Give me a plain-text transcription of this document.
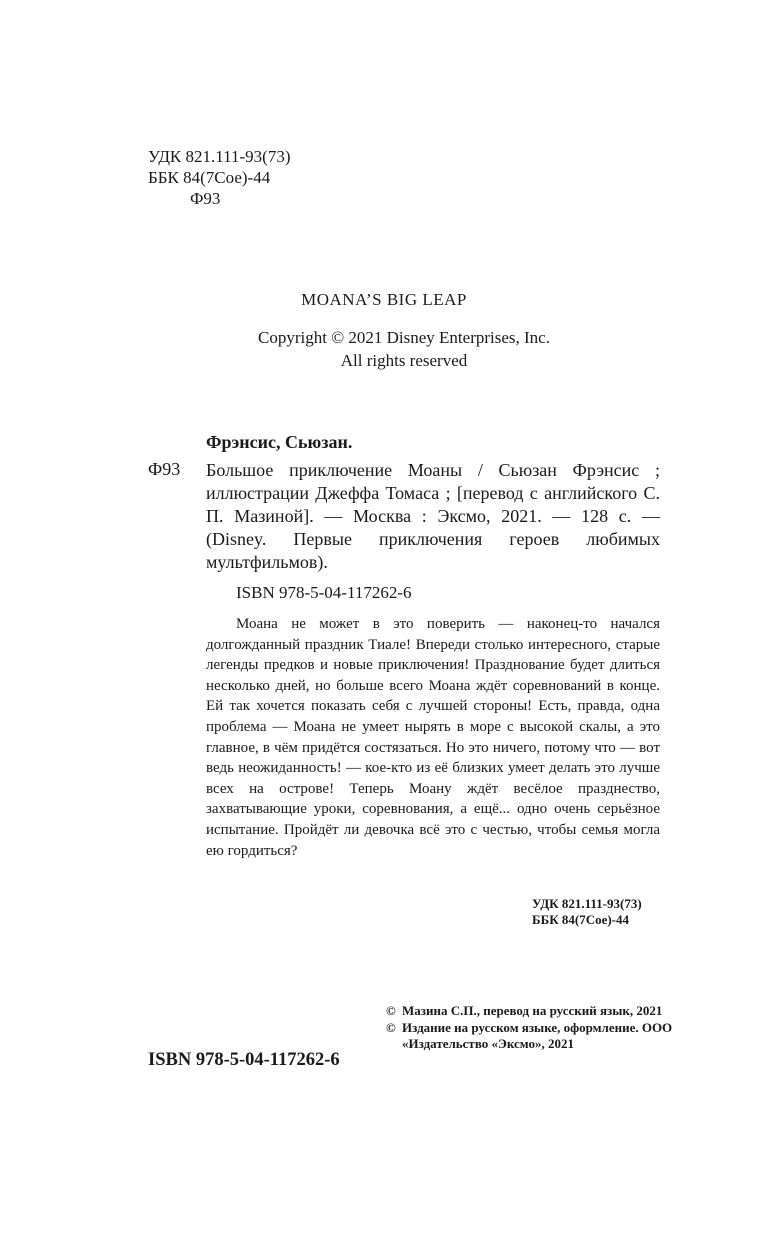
УДК 821.111-93(73)
ББК 84(7Сое)-44
Ф93
MOANA’S BIG LEAP
Copyright © 2021 Disney Enterprises, Inc.
All rights reserved
Фрэнсис, Сьюзан.
Ф93 Большое приключение Моаны / Сьюзан Фрэнсис ; иллюстрации Джеффа Томаса ; [перевод с английского С. П. Мазиной]. — Москва : Эксмо, 2021. — 128 с. — (Disney. Первые приключения героев любимых мультфильмов).
ISBN 978-5-04-117262-6
Моана не может в это поверить — наконец-то начался долгожданный праздник Тиале! Впереди столько интересного, старые легенды предков и новые приключения! Празднование будет длиться несколько дней, но больше всего Моана ждёт соревнований в конце. Ей так хочется показать себя с лучшей стороны! Есть, правда, одна проблема — Моана не умеет нырять в море с высокой скалы, а это главное, в чём придётся состязаться. Но это ничего, потому что — вот ведь неожиданность! — кое-кто из её близких умеет делать это лучше всех на острове! Теперь Моану ждёт весёлое празднество, захватывающие уроки, соревнования, а ещё... одно очень серьёзное испытание. Пройдёт ли девочка всё это с честью, чтобы семья могла ею гордиться?
УДК 821.111-93(73)
ББК 84(7Сое)-44
© Мазина С.П., перевод на русский язык, 2021
© Издание на русском языке, оформление. ООО «Издательство «Эксмо», 2021
ISBN 978-5-04-117262-6
